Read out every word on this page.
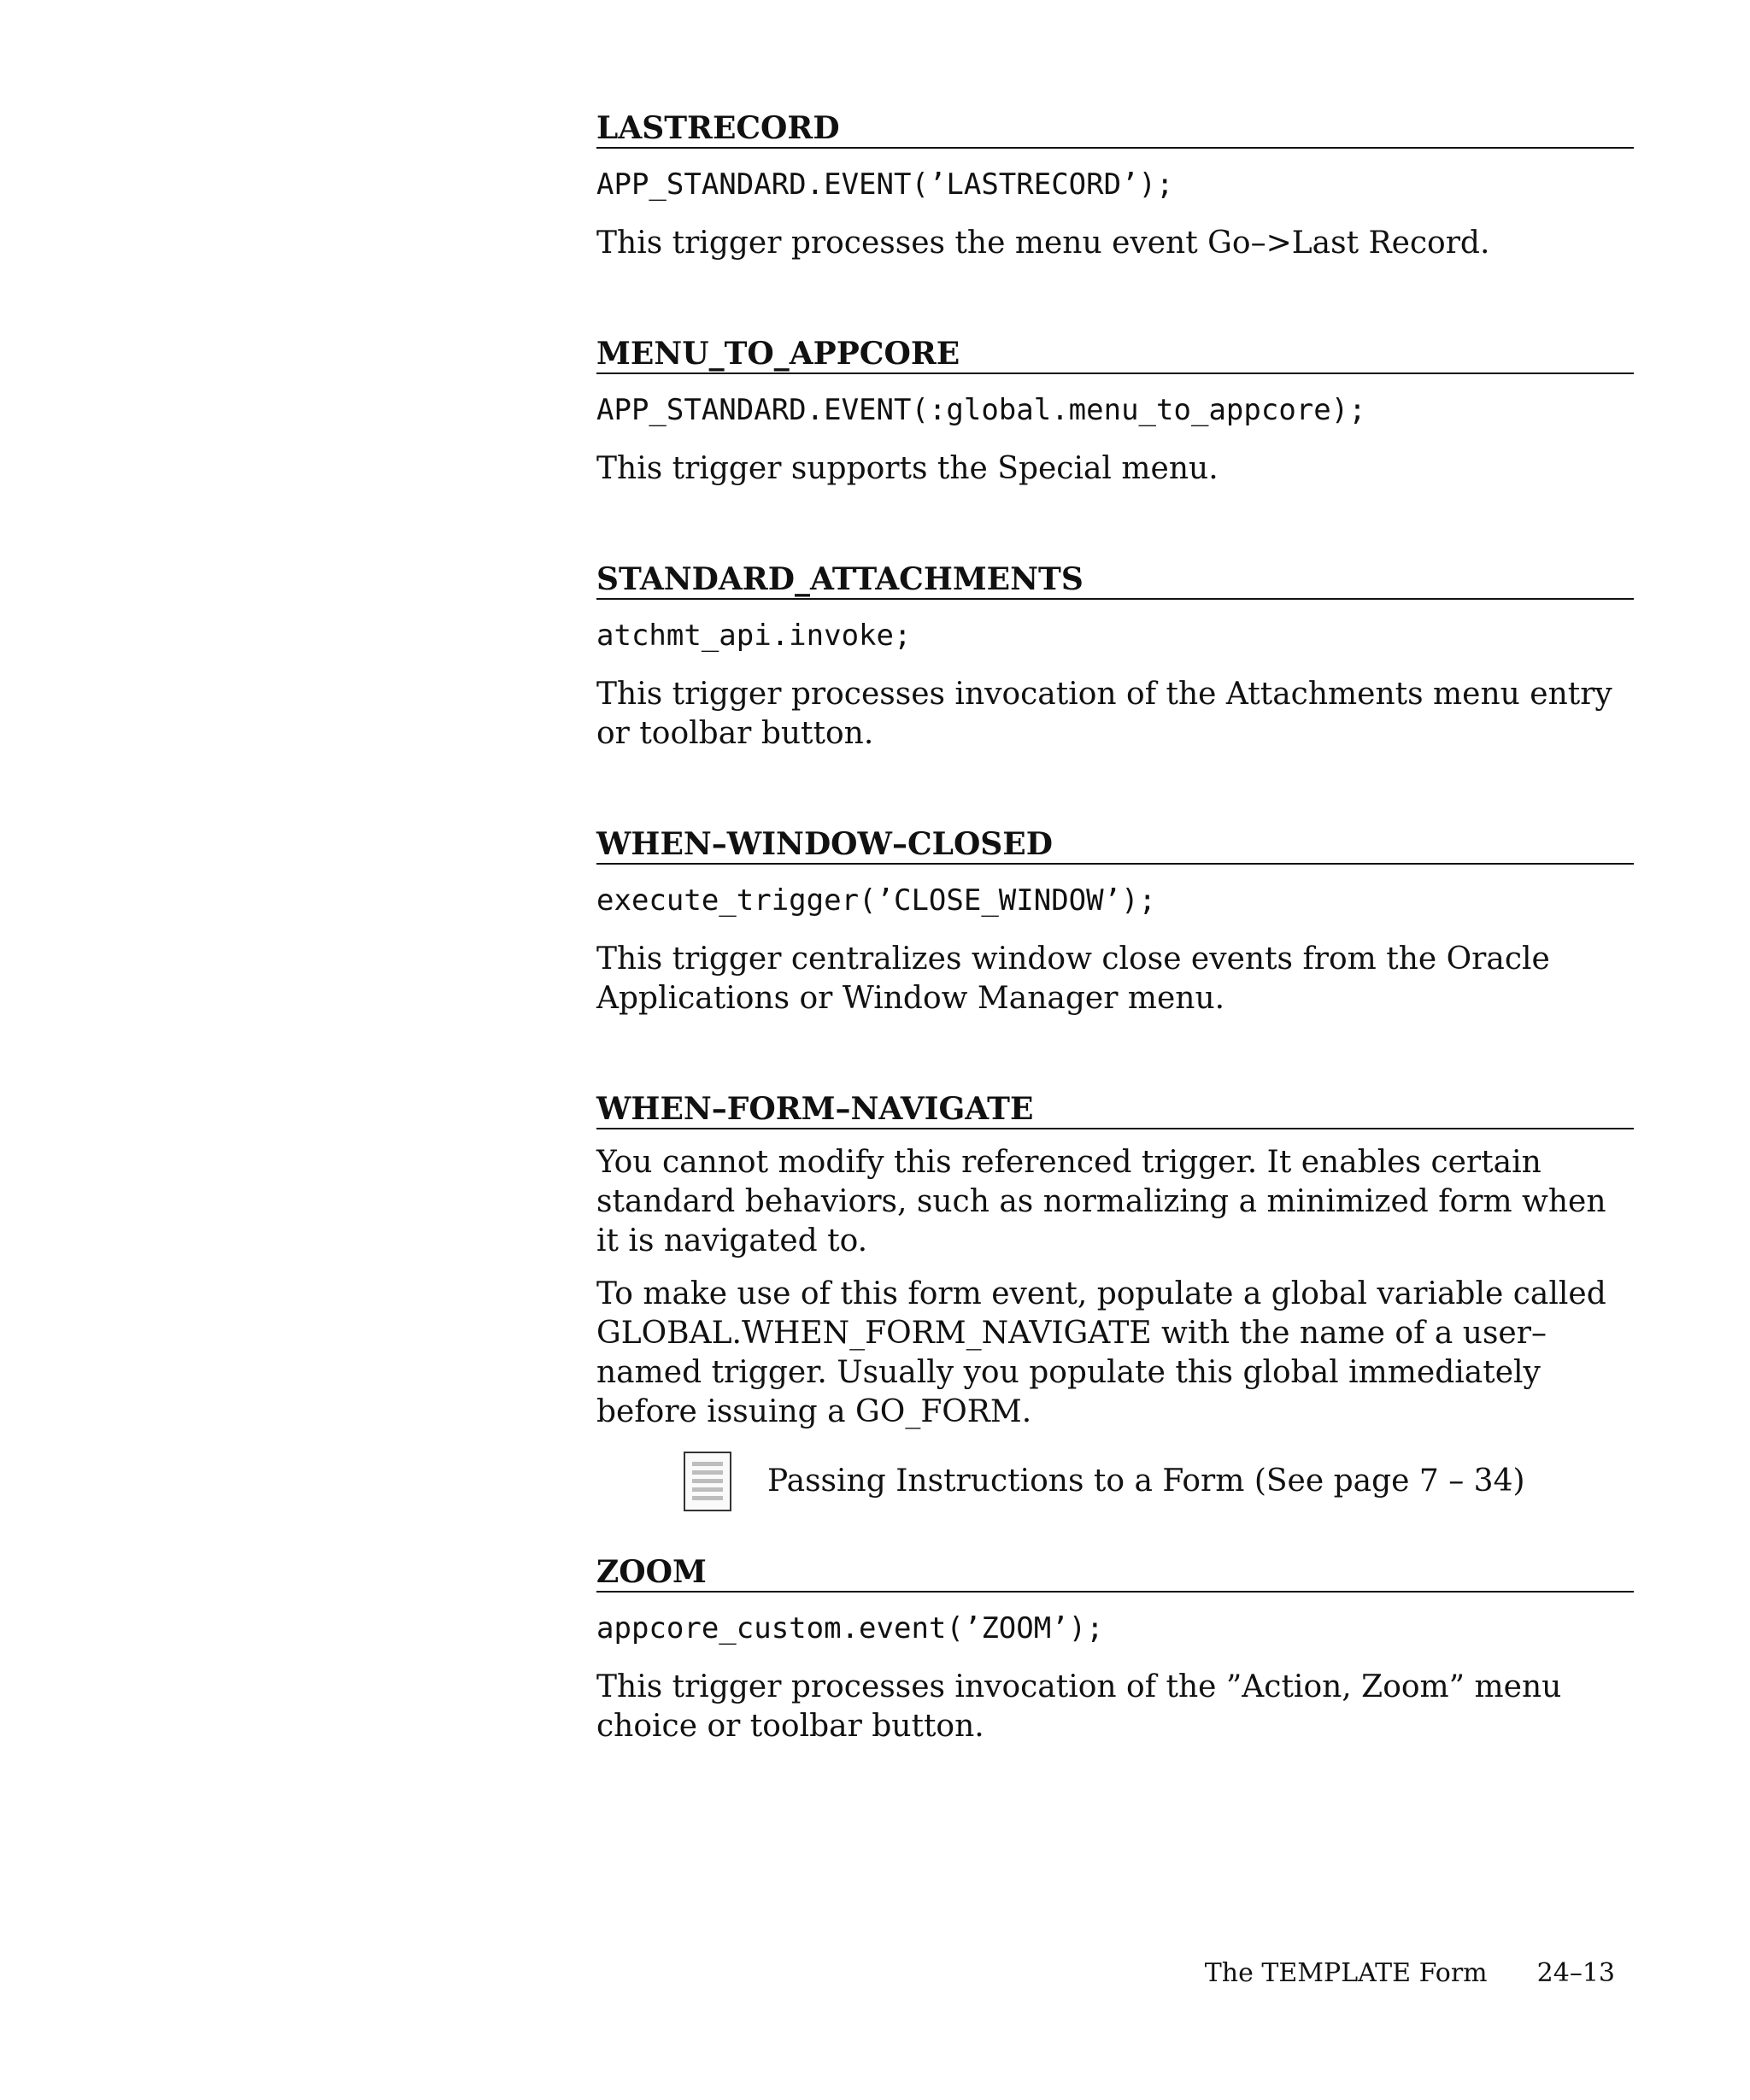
LASTRECORD
APP_STANDARD.EVENT(’LASTRECORD’);

This trigger processes the menu event Go–>Last Record.

MENU_TO_APPCORE
APP_STANDARD.EVENT(:global.menu_to_appcore);

This trigger supports the Special menu.

STANDARD_ATTACHMENTS
atchmt_api.invoke;

This trigger processes invocation of the Attachments menu entry or toolbar button.

WHEN–WINDOW–CLOSED
execute_trigger(’CLOSE_WINDOW’);

This trigger centralizes window close events from the Oracle Applications or Window Manager menu.

WHEN–FORM–NAVIGATE

You cannot modify this referenced trigger. It enables certain standard behaviors, such as normalizing a minimized form when it is navigated to.

To make use of this form event, populate a global variable called GLOBAL.WHEN_FORM_NAVIGATE with the name of a user–named trigger. Usually you populate this global immediately before issuing a GO_FORM.

Passing Instructions to a Form (See page 7 – 34)
ZOOM
appcore_custom.event(’ZOOM’);

This trigger processes invocation of the ”Action, Zoom” menu choice or toolbar button.

The TEMPLATE Form 24–13
